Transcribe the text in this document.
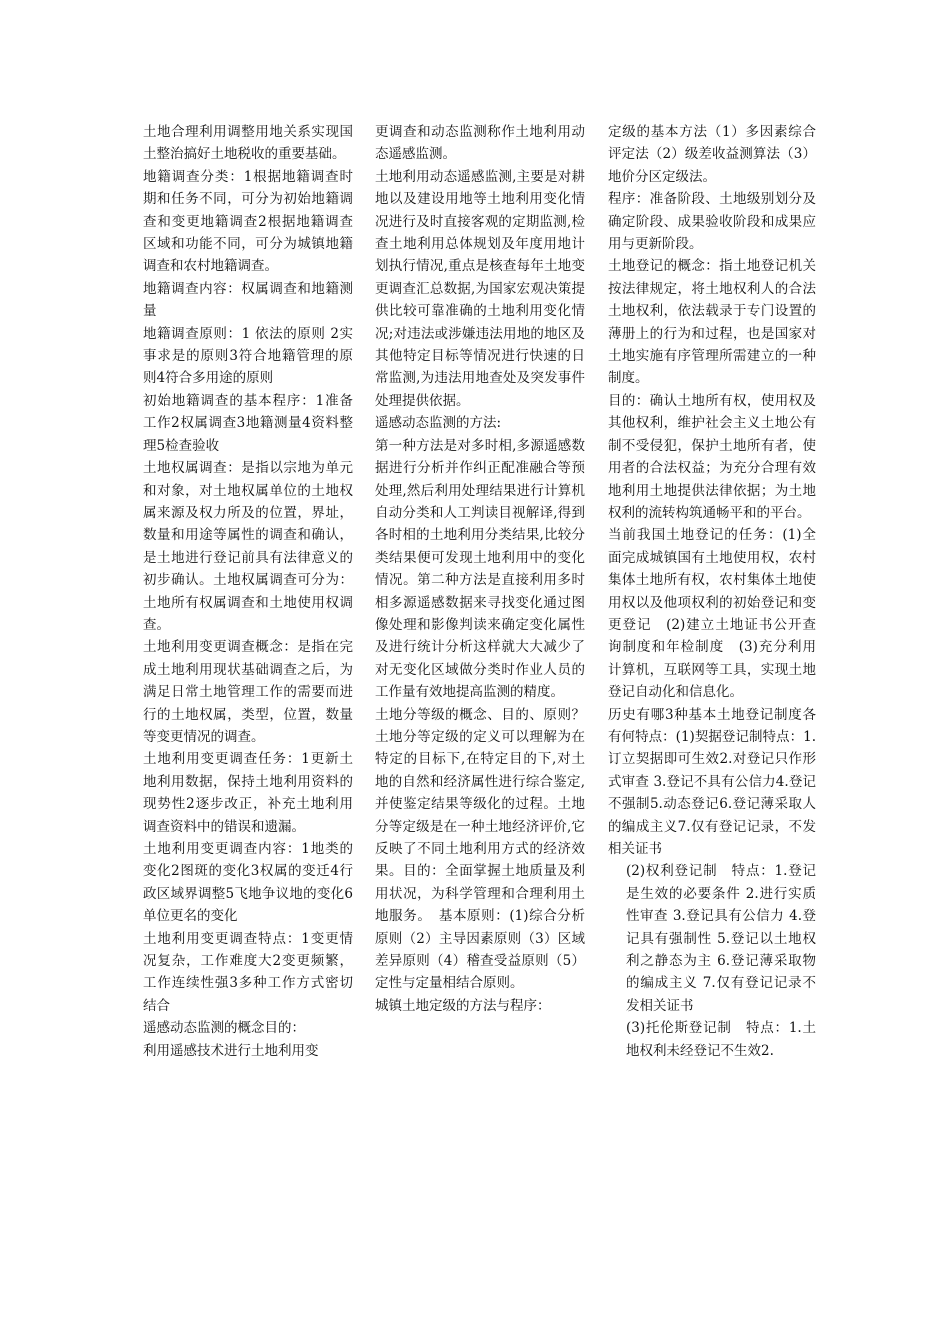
土地合理利用调整用地关系实现国土整治搞好土地税收的重要基础。

地籍调查分类：1根据地籍调查时期和任务不同，可分为初始地籍调查和变更地籍调查2根据地籍调查区域和功能不同，可分为城镇地籍调查和农村地籍调查。

地籍调查内容：权属调查和地籍测量

地籍调查原则：1 依法的原则 2实事求是的原则3符合地籍管理的原则4符合多用途的原则

初始地籍调查的基本程序：1准备工作2权属调查3地籍测量4资料整理5检查验收

土地权属调查：是指以宗地为单元和对象，对土地权属单位的土地权属来源及权力所及的位置，界址，数量和用途等属性的调查和确认，是土地进行登记前具有法律意义的初步确认。土地权属调查可分为：土地所有权属调查和土地使用权调查。

土地利用变更调查概念：是指在完成土地利用现状基础调查之后，为满足日常土地管理工作的需要而进行的土地权属，类型，位置，数量等变更情况的调查。

土地利用变更调查任务：1更新土地利用数据，保持土地利用资料的现势性2逐步改正，补充土地利用调查资料中的错误和遗漏。

土地利用变更调查内容：1地类的变化2图斑的变化3权属的变迁4行政区域界调整5飞地争议地的变化6单位更名的变化

土地利用变更调查特点：1变更情况复杂，工作难度大2变更频繁，工作连续性强3多种工作方式密切结合

遥感动态监测的概念目的：

利用遥感技术进行土地利用变

更调查和动态监测称作土地利用动态遥感监测。

土地利用动态遥感监测,主要是对耕地以及建设用地等土地利用变化情况进行及时直接客观的定期监测,检查土地利用总体规划及年度用地计划执行情况,重点是核查每年土地变更调查汇总数据,为国家宏观决策提供比较可靠准确的土地利用变化情况;对违法或涉嫌违法用地的地区及其他特定目标等情况进行快速的日常监测,为违法用地查处及突发事件处理提供依据。

遥感动态监测的方法:

第一种方法是对多时相,多源遥感数据进行分析并作纠正配准融合等预处理,然后利用处理结果进行计算机自动分类和人工判读目视解译,得到各时相的土地利用分类结果,比较分类结果便可发现土地利用中的变化情况。第二种方法是直接利用多时相多源遥感数据来寻找变化通过图像处理和影像判读来确定变化属性及进行统计分析这样就大大减少了对无变化区域做分类时作业人员的工作量有效地提高监测的精度。

土地分等级的概念、目的、原则？土地分等定级的定义可以理解为在特定的目标下,在特定目的下,对土地的自然和经济属性进行综合鉴定,并使鉴定结果等级化的过程。土地分等定级是在一种土地经济评价,它反映了不同土地利用方式的经济效果。目的：全面掌握土地质量及利用状况，为科学管理和合理利用土地服务。　基本原则：(1)综合分析原则（2）主导因素原则（3）区域差异原则（4）稽查受益原则（5）定性与定量相结合原则。

城镇土地定级的方法与程序：

定级的基本方法（1）多因素综合评定法（2）级差收益测算法（3）地价分区定级法。

程序：准备阶段、土地级别划分及确定阶段、成果验收阶段和成果应用与更新阶段。

土地登记的概念：指土地登记机关按法律规定，将土地权利人的合法土地权利，依法载录于专门设置的薄册上的行为和过程，也是国家对土地实施有序管理所需建立的一种制度。

目的：确认土地所有权，使用权及其他权利，维护社会主义土地公有制不受侵犯，保护土地所有者，使用者的合法权益；为充分合理有效地利用土地提供法律依据；为土地权利的流转构筑通畅平和的平台。

当前我国土地登记的任务：(1)全面完成城镇国有土地使用权，农村集体土地所有权，农村集体土地使用权以及他项权利的初始登记和变更登记　(2)建立土地证书公开查询制度和年检制度　(3)充分利用计算机，互联网等工具，实现土地登记自动化和信息化。

历史有哪3种基本土地登记制度各有何特点：(1)契据登记制特点：1.订立契据即可生效2.对登记只作形式审查 3.登记不具有公信力4.登记不强制5.动态登记6.登记薄采取人的编成主义7.仅有登记记录，不发相关证书

(2)权利登记制　特点：1.登记是生效的必要条件 2.进行实质性审查 3.登记具有公信力 4.登记具有强制性 5.登记以土地权利之静态为主 6.登记薄采取物的编成主义 7.仅有登记记录不发相关证书

(3)托伦斯登记制　特点：1.土地权利未经登记不生效2.
